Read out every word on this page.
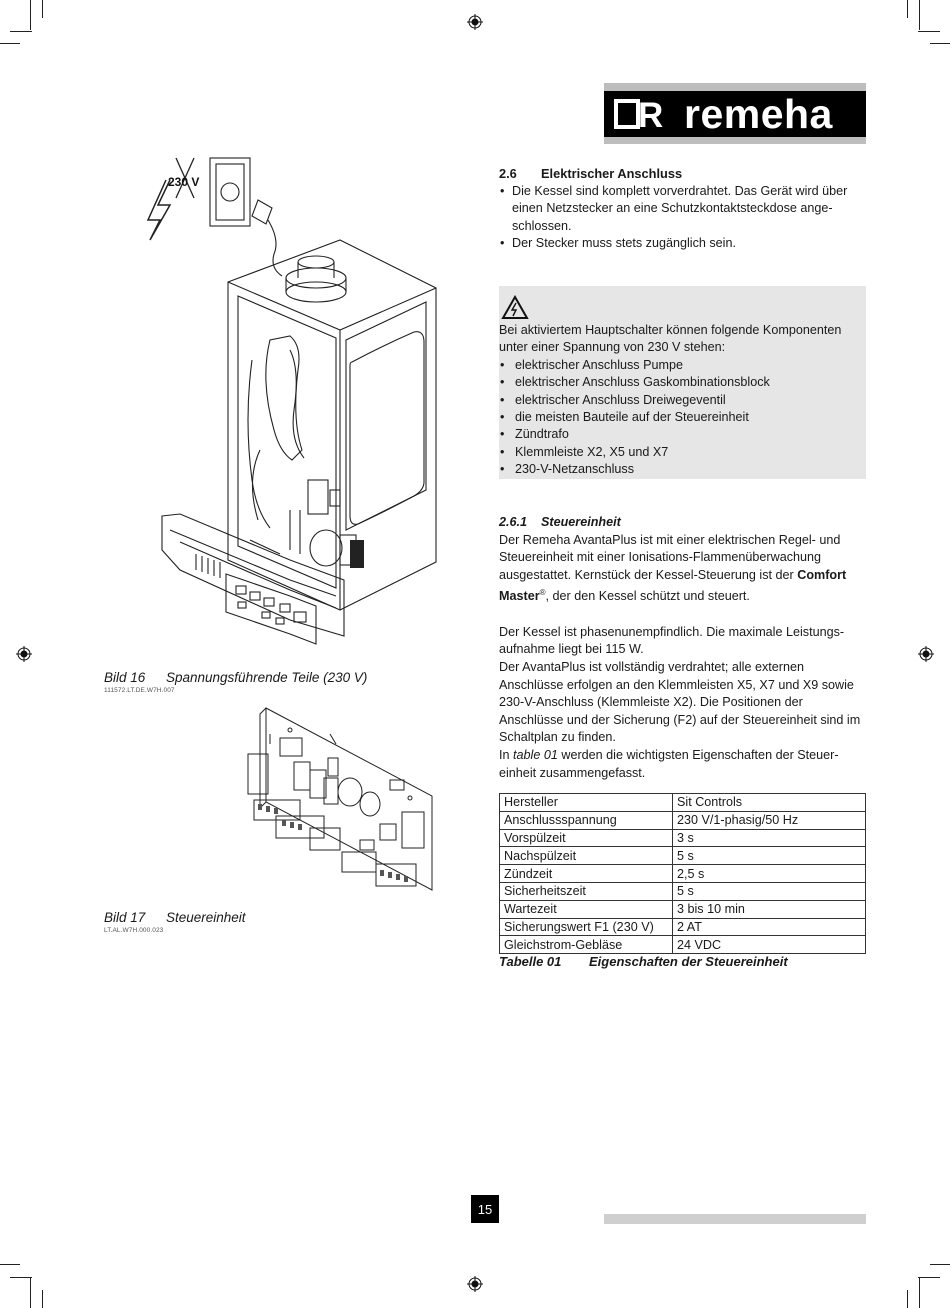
R remeha
230 V
Bild 16 Spannungsführende Teile (230 V)
111572.LT.DE.W7H.007
Bild 17 Steuereinheit
LT.AL.W7H.000.023
2.6 Elektrischer Anschluss
• Die Kessel sind komplett vorverdrahtet. Das Gerät wird über einen Netzstecker an eine Schutzkontaktsteckdose ange-schlossen.
• Der Stecker muss stets zugänglich sein.

Bei aktiviertem Hauptschalter können folgende Komponenten unter einer Spannung von 230 V stehen:

• elektrischer Anschluss Pumpe
• elektrischer Anschluss Gaskombinationsblock
• elektrischer Anschluss Dreiwegeventil
• die meisten Bauteile auf der Steuereinheit
• Zündtrafo
• Klemmleiste X2, X5 und X7
• 230-V-Netzanschluss
2.6.1 Steuereinheit

Der Remeha AvantaPlus ist mit einer elektrischen Regel- und Steuereinheit mit einer Ionisations-Flammenüberwachung ausgestattet. Kernstück der Kessel-Steuerung ist der Comfort Master®, der den Kessel schützt und steuert.

Der Kessel ist phasenunempfindlich. Die maximale Leistungs-aufnahme liegt bei 115 W.

Der AvantaPlus ist vollständig verdrahtet; alle externen Anschlüsse erfolgen an den Klemmleisten X5, X7 und X9 sowie 230-V-Anschluss (Klemmleiste X2). Die Positionen der Anschlüsse und der Sicherung (F2) auf der Steuereinheit sind im Schaltplan zu finden.

In table 01 werden die wichtigsten Eigenschaften der Steuer-einheit zusammengefasst.

Hersteller	Sit Controls
Anschlussspannung	230 V/1-phasig/50 Hz
Vorspülzeit	3 s
Nachspülzeit	5 s
Zündzeit	2,5 s
Sicherheitszeit	5 s
Wartezeit	3 bis 10 min
Sicherungswert F1 (230 V)	2 AT
Gleichstrom-Gebläse	24 VDC
Tabelle 01 Eigenschaften der Steuereinheit
15
